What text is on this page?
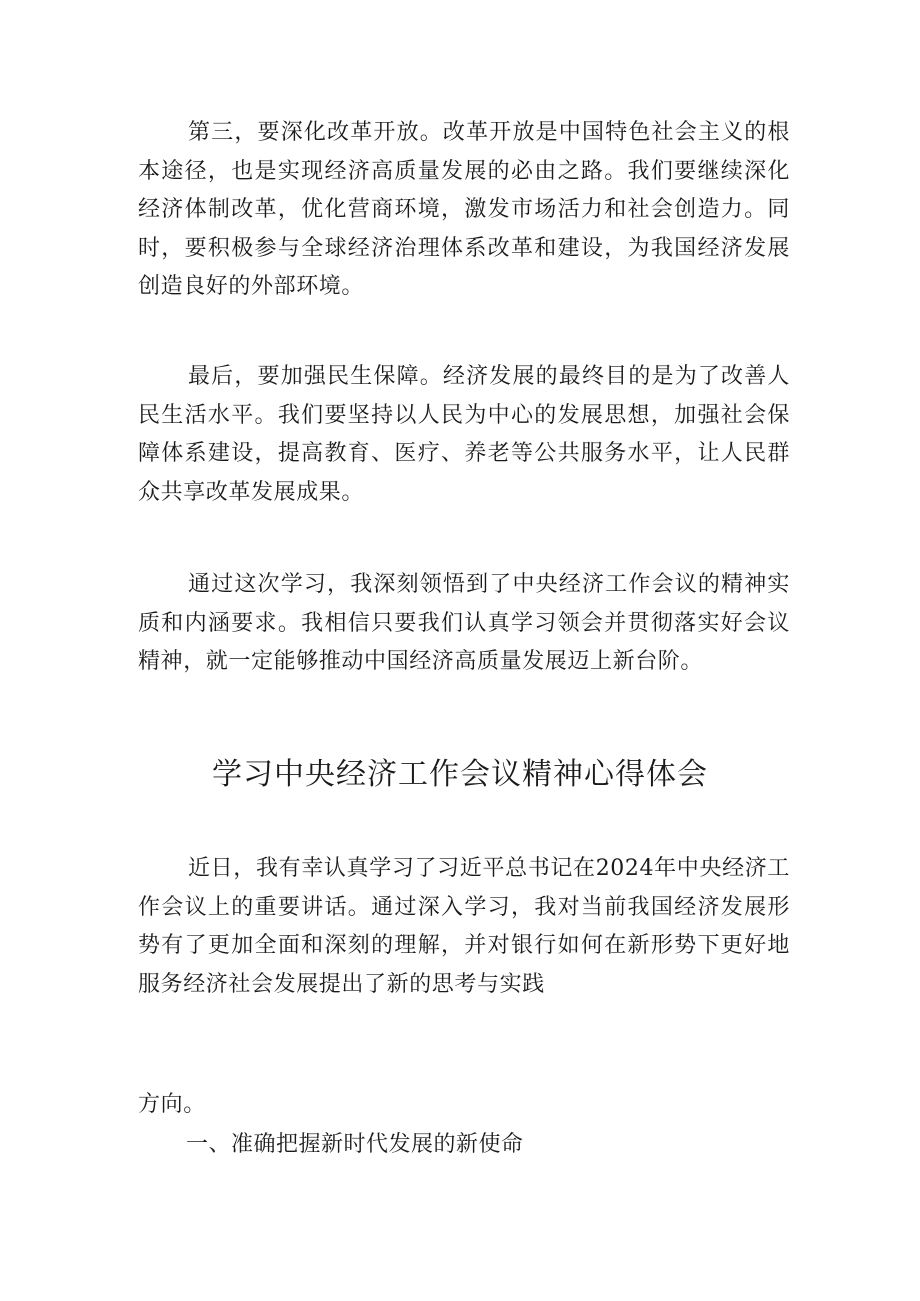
第三，要深化改革开放。改革开放是中国特色社会主义的根本途径，也是实现经济高质量发展的必由之路。我们要继续深化经济体制改革，优化营商环境，激发市场活力和社会创造力。同时，要积极参与全球经济治理体系改革和建设，为我国经济发展创造良好的外部环境。

最后，要加强民生保障。经济发展的最终目的是为了改善人民生活水平。我们要坚持以人民为中心的发展思想，加强社会保障体系建设，提高教育、医疗、养老等公共服务水平，让人民群众共享改革发展成果。

通过这次学习，我深刻领悟到了中央经济工作会议的精神实质和内涵要求。我相信只要我们认真学习领会并贯彻落实好会议精神，就一定能够推动中国经济高质量发展迈上新台阶。

学习中央经济工作会议精神心得体会

近日，我有幸认真学习了习近平总书记在2024年中央经济工作会议上的重要讲话。通过深入学习，我对当前我国经济发展形势有了更加全面和深刻的理解，并对银行如何在新形势下更好地服务经济社会发展提出了新的思考与实践

方向。

一、准确把握新时代发展的新使命
